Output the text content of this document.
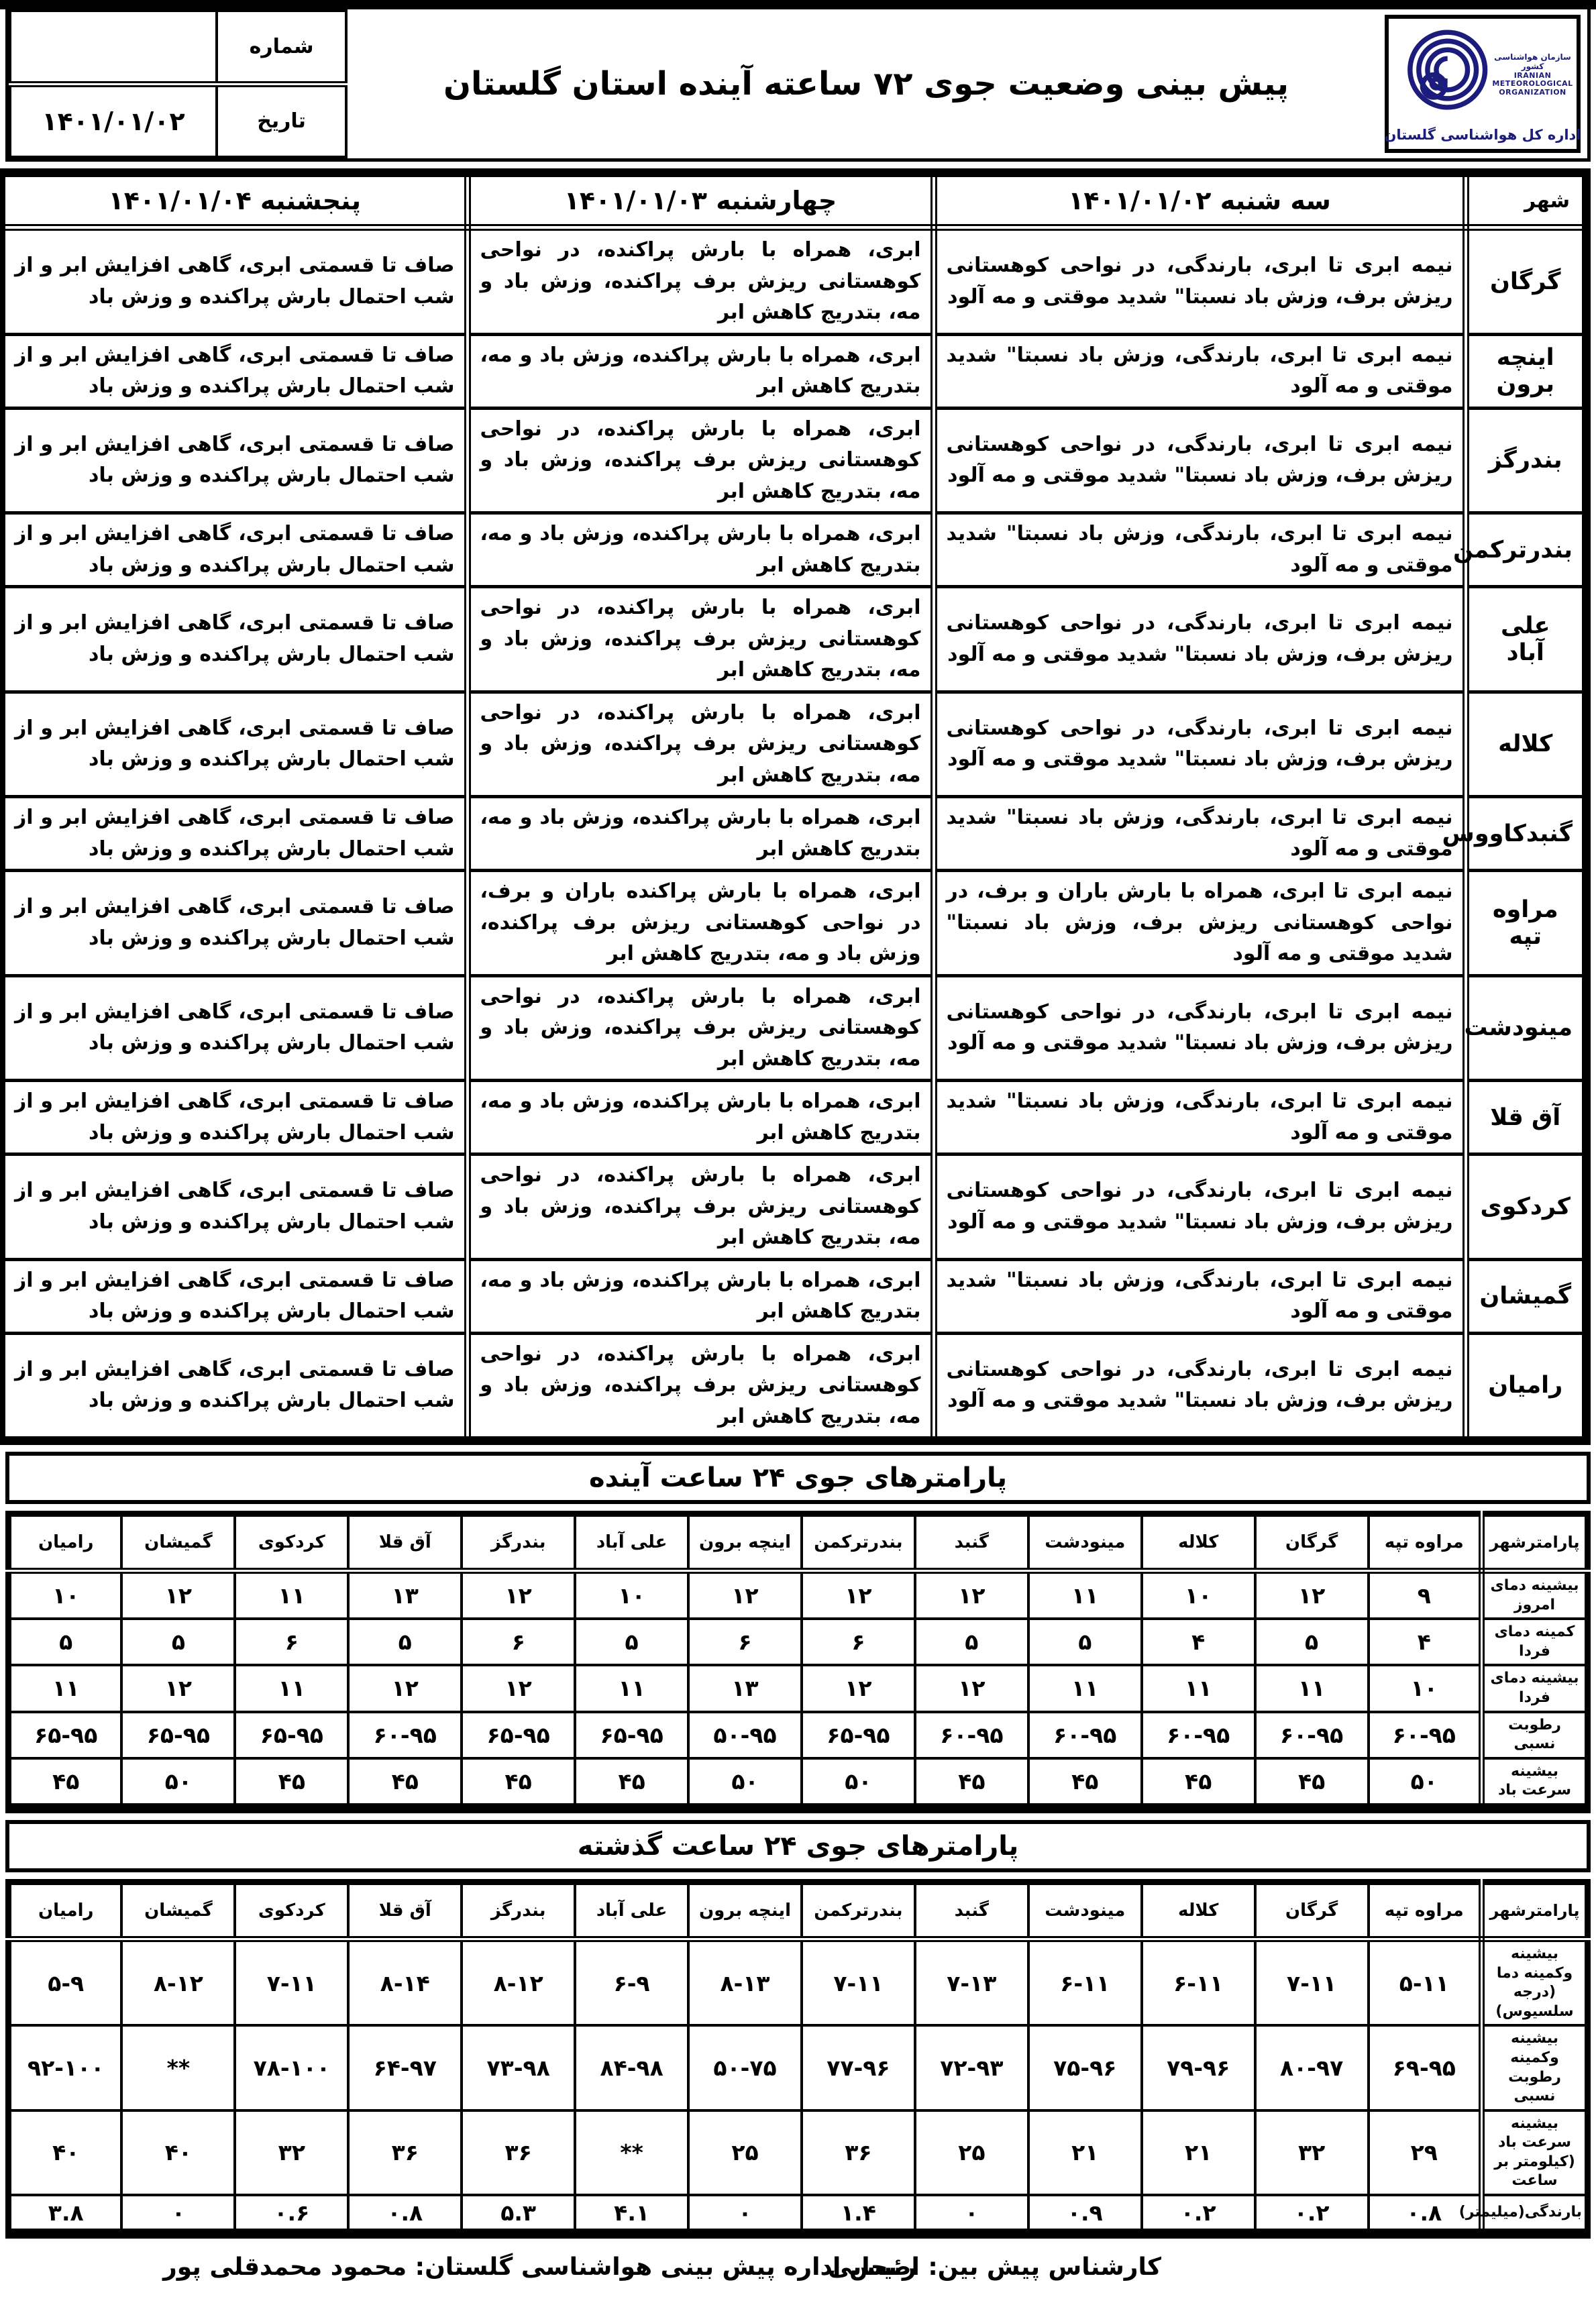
سازمان هواشناسی کشور
IRANIAN
METEOROLOGICAL
ORGANIZATION
اداره کل هواشناسی گلستان
پیش بینی وضعیت جوی ۷۲ ساعته آینده استان گلستان
شماره	
تاریخ	۱۴۰۱/۰۱/۰۲
شهر	سه شنبه ۱۴۰۱/۰۱/۰۲	چهارشنبه ۱۴۰۱/۰۱/۰۳	پنجشنبه ۱۴۰۱/۰۱/۰۴
گرگان	نیمه ابری تا ابری، بارندگی، در نواحی کوهستانی ریزش برف، وزش باد نسبتا" شدید موقتی و مه آلود	ابری، همراه با بارش پراکنده، در نواحی کوهستانی ریزش برف پراکنده، وزش باد و مه، بتدریج کاهش ابر	صاف تا قسمتی ابری، گاهی افزایش ابر و از شب احتمال بارش پراکنده و وزش باد
اینچه برون	نیمه ابری تا ابری، بارندگی، وزش باد نسبتا" شدید موقتی و مه آلود	ابری، همراه با بارش پراکنده، وزش باد و مه، بتدریج کاهش ابر	صاف تا قسمتی ابری، گاهی افزایش ابر و از شب احتمال بارش پراکنده و وزش باد
بندرگز	نیمه ابری تا ابری، بارندگی، در نواحی کوهستانی ریزش برف، وزش باد نسبتا" شدید موقتی و مه آلود	ابری، همراه با بارش پراکنده، در نواحی کوهستانی ریزش برف پراکنده، وزش باد و مه، بتدریج کاهش ابر	صاف تا قسمتی ابری، گاهی افزایش ابر و از شب احتمال بارش پراکنده و وزش باد
بندرترکمن	نیمه ابری تا ابری، بارندگی، وزش باد نسبتا" شدید موقتی و مه آلود	ابری، همراه با بارش پراکنده، وزش باد و مه، بتدریج کاهش ابر	صاف تا قسمتی ابری، گاهی افزایش ابر و از شب احتمال بارش پراکنده و وزش باد
علی آباد	نیمه ابری تا ابری، بارندگی، در نواحی کوهستانی ریزش برف، وزش باد نسبتا" شدید موقتی و مه آلود	ابری، همراه با بارش پراکنده، در نواحی کوهستانی ریزش برف پراکنده، وزش باد و مه، بتدریج کاهش ابر	صاف تا قسمتی ابری، گاهی افزایش ابر و از شب احتمال بارش پراکنده و وزش باد
کلاله	نیمه ابری تا ابری، بارندگی، در نواحی کوهستانی ریزش برف، وزش باد نسبتا" شدید موقتی و مه آلود	ابری، همراه با بارش پراکنده، در نواحی کوهستانی ریزش برف پراکنده، وزش باد و مه، بتدریج کاهش ابر	صاف تا قسمتی ابری، گاهی افزایش ابر و از شب احتمال بارش پراکنده و وزش باد
گنبدکاووس	نیمه ابری تا ابری، بارندگی، وزش باد نسبتا" شدید موقتی و مه آلود	ابری، همراه با بارش پراکنده، وزش باد و مه، بتدریج کاهش ابر	صاف تا قسمتی ابری، گاهی افزایش ابر و از شب احتمال بارش پراکنده و وزش باد
مراوه تپه	نیمه ابری تا ابری، همراه با بارش باران و برف، در نواحی کوهستانی ریزش برف، وزش باد نسبتا" شدید موقتی و مه آلود	ابری، همراه با بارش پراکنده باران و برف، در نواحی کوهستانی ریزش برف پراکنده، وزش باد و مه، بتدریج کاهش ابر	صاف تا قسمتی ابری، گاهی افزایش ابر و از شب احتمال بارش پراکنده و وزش باد
مینودشت	نیمه ابری تا ابری، بارندگی، در نواحی کوهستانی ریزش برف، وزش باد نسبتا" شدید موقتی و مه آلود	ابری، همراه با بارش پراکنده، در نواحی کوهستانی ریزش برف پراکنده، وزش باد و مه، بتدریج کاهش ابر	صاف تا قسمتی ابری، گاهی افزایش ابر و از شب احتمال بارش پراکنده و وزش باد
آق قلا	نیمه ابری تا ابری، بارندگی، وزش باد نسبتا" شدید موقتی و مه آلود	ابری، همراه با بارش پراکنده، وزش باد و مه، بتدریج کاهش ابر	صاف تا قسمتی ابری، گاهی افزایش ابر و از شب احتمال بارش پراکنده و وزش باد
کردکوی	نیمه ابری تا ابری، بارندگی، در نواحی کوهستانی ریزش برف، وزش باد نسبتا" شدید موقتی و مه آلود	ابری، همراه با بارش پراکنده، در نواحی کوهستانی ریزش برف پراکنده، وزش باد و مه، بتدریج کاهش ابر	صاف تا قسمتی ابری، گاهی افزایش ابر و از شب احتمال بارش پراکنده و وزش باد
گمیشان	نیمه ابری تا ابری، بارندگی، وزش باد نسبتا" شدید موقتی و مه آلود	ابری، همراه با بارش پراکنده، وزش باد و مه، بتدریج کاهش ابر	صاف تا قسمتی ابری، گاهی افزایش ابر و از شب احتمال بارش پراکنده و وزش باد
رامیان	نیمه ابری تا ابری، بارندگی، در نواحی کوهستانی ریزش برف، وزش باد نسبتا" شدید موقتی و مه آلود	ابری، همراه با بارش پراکنده، در نواحی کوهستانی ریزش برف پراکنده، وزش باد و مه، بتدریج کاهش ابر	صاف تا قسمتی ابری، گاهی افزایش ابر و از شب احتمال بارش پراکنده و وزش باد
پارامترهای جوی ۲۴ ساعت آینده
پارامترشهر	مراوه تپه	گرگان	کلاله	مینودشت	گنبد	بندرترکمن	اینچه برون	علی آباد	بندرگز	آق قلا	کردکوی	گمیشان	رامیان
بیشینه دمای امروز	۹	۱۲	۱۰	۱۱	۱۲	۱۲	۱۲	۱۰	۱۲	۱۳	۱۱	۱۲	۱۰
کمینه دمای فردا	۴	۵	۴	۵	۵	۶	۶	۵	۶	۵	۶	۵	۵
بیشینه دمای فردا	۱۰	۱۱	۱۱	۱۱	۱۲	۱۲	۱۳	۱۱	۱۲	۱۲	۱۱	۱۲	۱۱
رطوبت نسبی	۶۰-۹۵	۶۰-۹۵	۶۰-۹۵	۶۰-۹۵	۶۰-۹۵	۶۵-۹۵	۵۰-۹۵	۶۵-۹۵	۶۵-۹۵	۶۰-۹۵	۶۵-۹۵	۶۵-۹۵	۶۵-۹۵
بیشینه سرعت باد	۵۰	۴۵	۴۵	۴۵	۴۵	۵۰	۵۰	۴۵	۴۵	۴۵	۴۵	۵۰	۴۵
پارامترهای جوی ۲۴ ساعت گذشته
پارامترشهر	مراوه تپه	گرگان	کلاله	مینودشت	گنبد	بندرترکمن	اینچه برون	علی آباد	بندرگز	آق قلا	کردکوی	گمیشان	رامیان
بیشینه وکمینه دما (درجه سلسیوس)	۵-۱۱	۷-۱۱	۶-۱۱	۶-۱۱	۷-۱۳	۷-۱۱	۸-۱۳	۶-۹	۸-۱۲	۸-۱۴	۷-۱۱	۸-۱۲	۵-۹
بیشینه وکمینه رطوبت نسبی	۶۹-۹۵	۸۰-۹۷	۷۹-۹۶	۷۵-۹۶	۷۲-۹۳	۷۷-۹۶	۵۰-۷۵	۸۴-۹۸	۷۳-۹۸	۶۴-۹۷	۷۸-۱۰۰	**	۹۲-۱۰۰
بیشینه سرعت باد (کیلومتر بر ساعت	۲۹	۳۲	۲۱	۲۱	۲۵	۳۶	۲۵	**	۳۶	۳۶	۳۲	۴۰	۴۰
بارندگی(میلیمتر)	۰.۸	۰.۲	۰.۲	۰.۹	۰	۱.۴	۰	۴.۱	۵.۳	۰.۸	۰.۶	۰	۳.۸
کارشناس پیش بین: اصحابی
رئیس اداره پیش بینی هواشناسی گلستان: محمود محمدقلی پور
